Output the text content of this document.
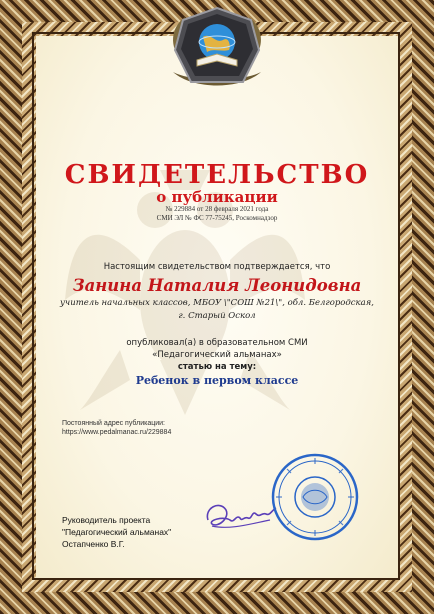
СВИДЕТЕЛЬСТВО
о публикации
№ 229884 от 28 февраля 2021 года
СМИ ЭЛ № ФС 77-75245, Роскомнадзор
Настоящим свидетельством подтверждается, что
Занина Наталия Леонидовна
учитель начальных классов, МБОУ \"СОШ №21\", обл. Белгородская, г. Старый Оскол
опубликовал(а) в образовательном СМИ
«Педагогический альманах»
статью на тему:
Ребенок в первом классе
Постоянный адрес публикации:
https://www.pedalmanac.ru/229884
Руководитель проекта
"Педагогический альманах"
Остапченко В.Г.
